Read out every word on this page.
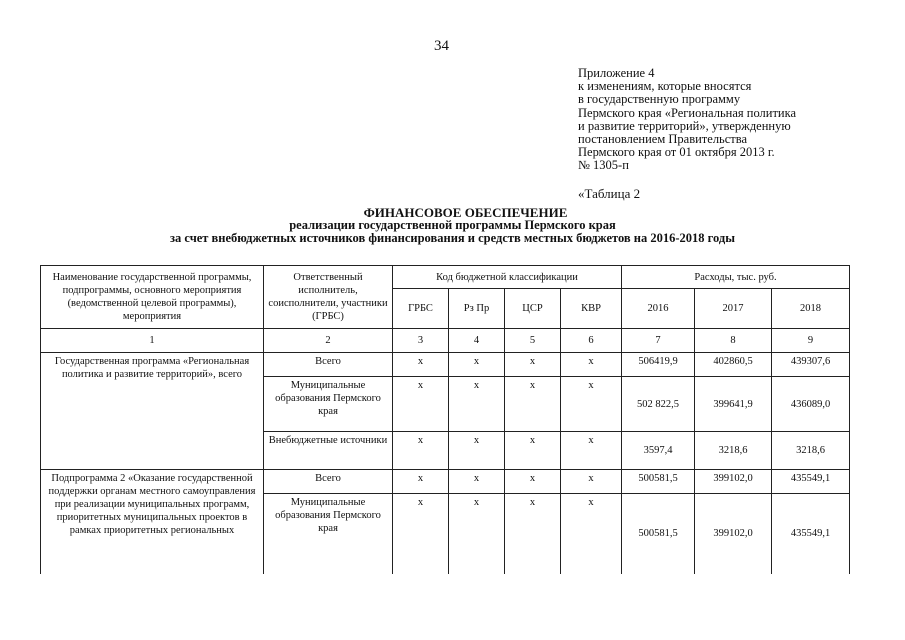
34
Приложение 4
к изменениям, которые вносятся
в государственную программу
Пермского края «Региональная политика
и развитие территорий», утвержденную
постановлением Правительства
Пермского края от 01 октября 2013 г.
№ 1305-п
«Таблица 2
ФИНАНСОВОЕ ОБЕСПЕЧЕНИЕ
реализации государственной программы Пермского края
за счет внебюджетных источников финансирования и средств местных бюджетов на 2016-2018 годы
Наименование государственной программы, подпрограммы, основного мероприятия (ведомственной целевой программы), мероприятия	Ответственный исполнитель, соисполнители, участники (ГРБС)	Код бюджетной классификации				Расходы, тыс. руб.		
		ГРБС	Рз Пр	ЦСР	КВР	2016	2017	2018
1	2	3	4	5	6	7	8	9
Государственная программа «Региональная политика и развитие территорий», всего	Всего	х	х	х	х	506419,9	402860,5	439307,6
	Муниципальные образования Пермского края	х	х	х	х	502 822,5	399641,9	436089,0
	Внебюджетные источники	х	х	х	х	3597,4	3218,6	3218,6
Подпрограмма 2 «Оказание государственной поддержки органам местного самоуправления при реализации муниципальных программ, приоритетных муниципальных проектов в рамках приоритетных региональных	Всего	х	х	х	х	500581,5	399102,0	435549,1
	Муниципальные образования Пермского края	х	х	х	х	500581,5	399102,0	435549,1
